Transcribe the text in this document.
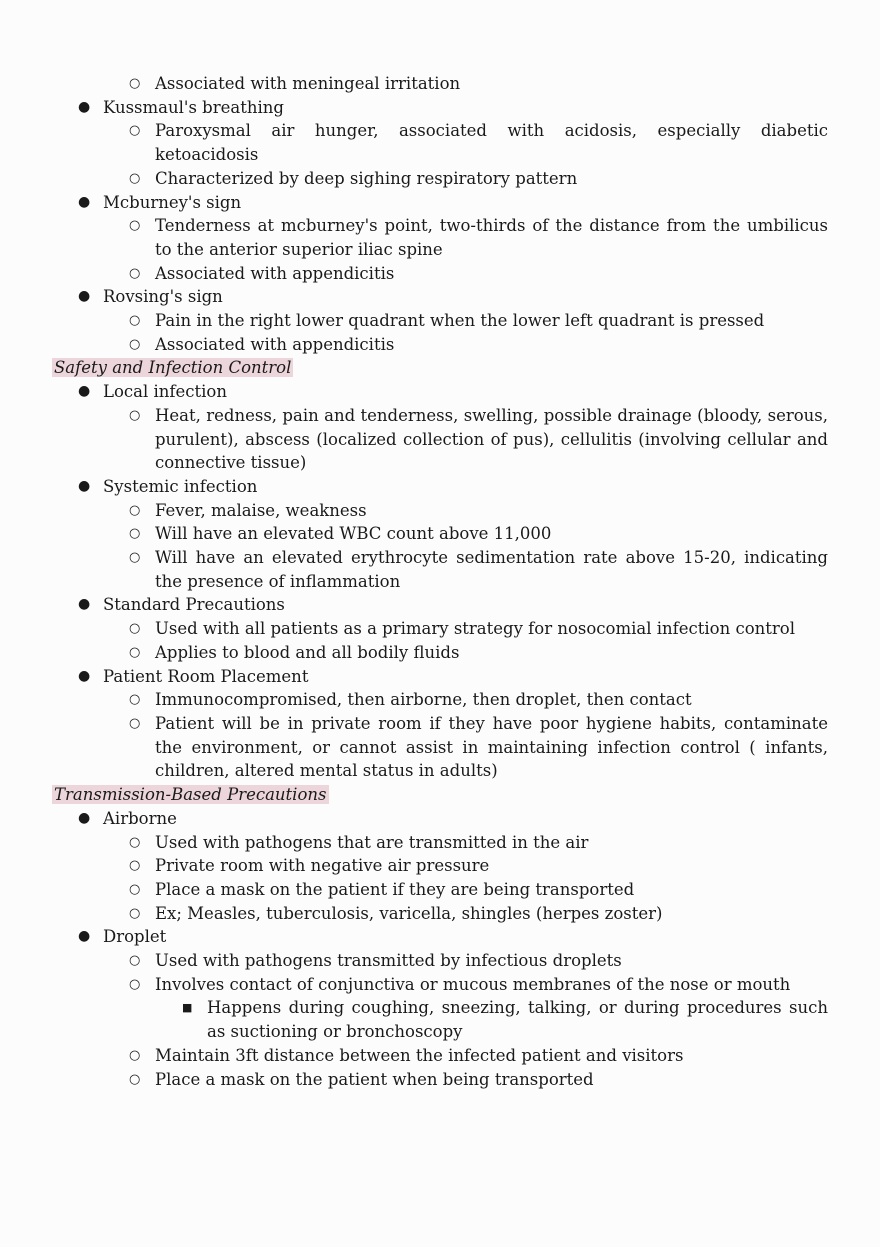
○ Associated with meningeal irritation
● Kussmaul's breathing
○ Paroxysmal air hunger, associated with acidosis, especially diabetic ketoacidosis
○ Characterized by deep sighing respiratory pattern
● Mcburney's sign
○ Tenderness at mcburney's point, two-thirds of the distance from the umbilicus to the anterior superior iliac spine
○ Associated with appendicitis
● Rovsing's sign
○ Pain in the right lower quadrant when the lower left quadrant is pressed
○ Associated with appendicitis
Safety and Infection Control
● Local infection
○ Heat, redness, pain and tenderness, swelling, possible drainage (bloody, serous, purulent), abscess (localized collection of pus), cellulitis (involving cellular and connective tissue)
● Systemic infection
○ Fever, malaise, weakness
○ Will have an elevated WBC count above 11,000
○ Will have an elevated erythrocyte sedimentation rate above 15-20, indicating the presence of inflammation
● Standard Precautions
○ Used with all patients as a primary strategy for nosocomial infection control
○ Applies to blood and all bodily fluids
● Patient Room Placement
○ Immunocompromised, then airborne, then droplet, then contact
○ Patient will be in private room if they have poor hygiene habits, contaminate the environment, or cannot assist in maintaining infection control ( infants, children, altered mental status in adults)
Transmission-Based Precautions
● Airborne
○ Used with pathogens that are transmitted in the air
○ Private room with negative air pressure
○ Place a mask on the patient if they are being transported
○ Ex; Measles, tuberculosis, varicella, shingles (herpes zoster)
● Droplet
○ Used with pathogens transmitted by infectious droplets
○ Involves contact of conjunctiva or mucous membranes of the nose or mouth
■ Happens during coughing, sneezing, talking, or during procedures such as suctioning or bronchoscopy
○ Maintain 3ft distance between the infected patient and visitors
○ Place a mask on the patient when being transported
